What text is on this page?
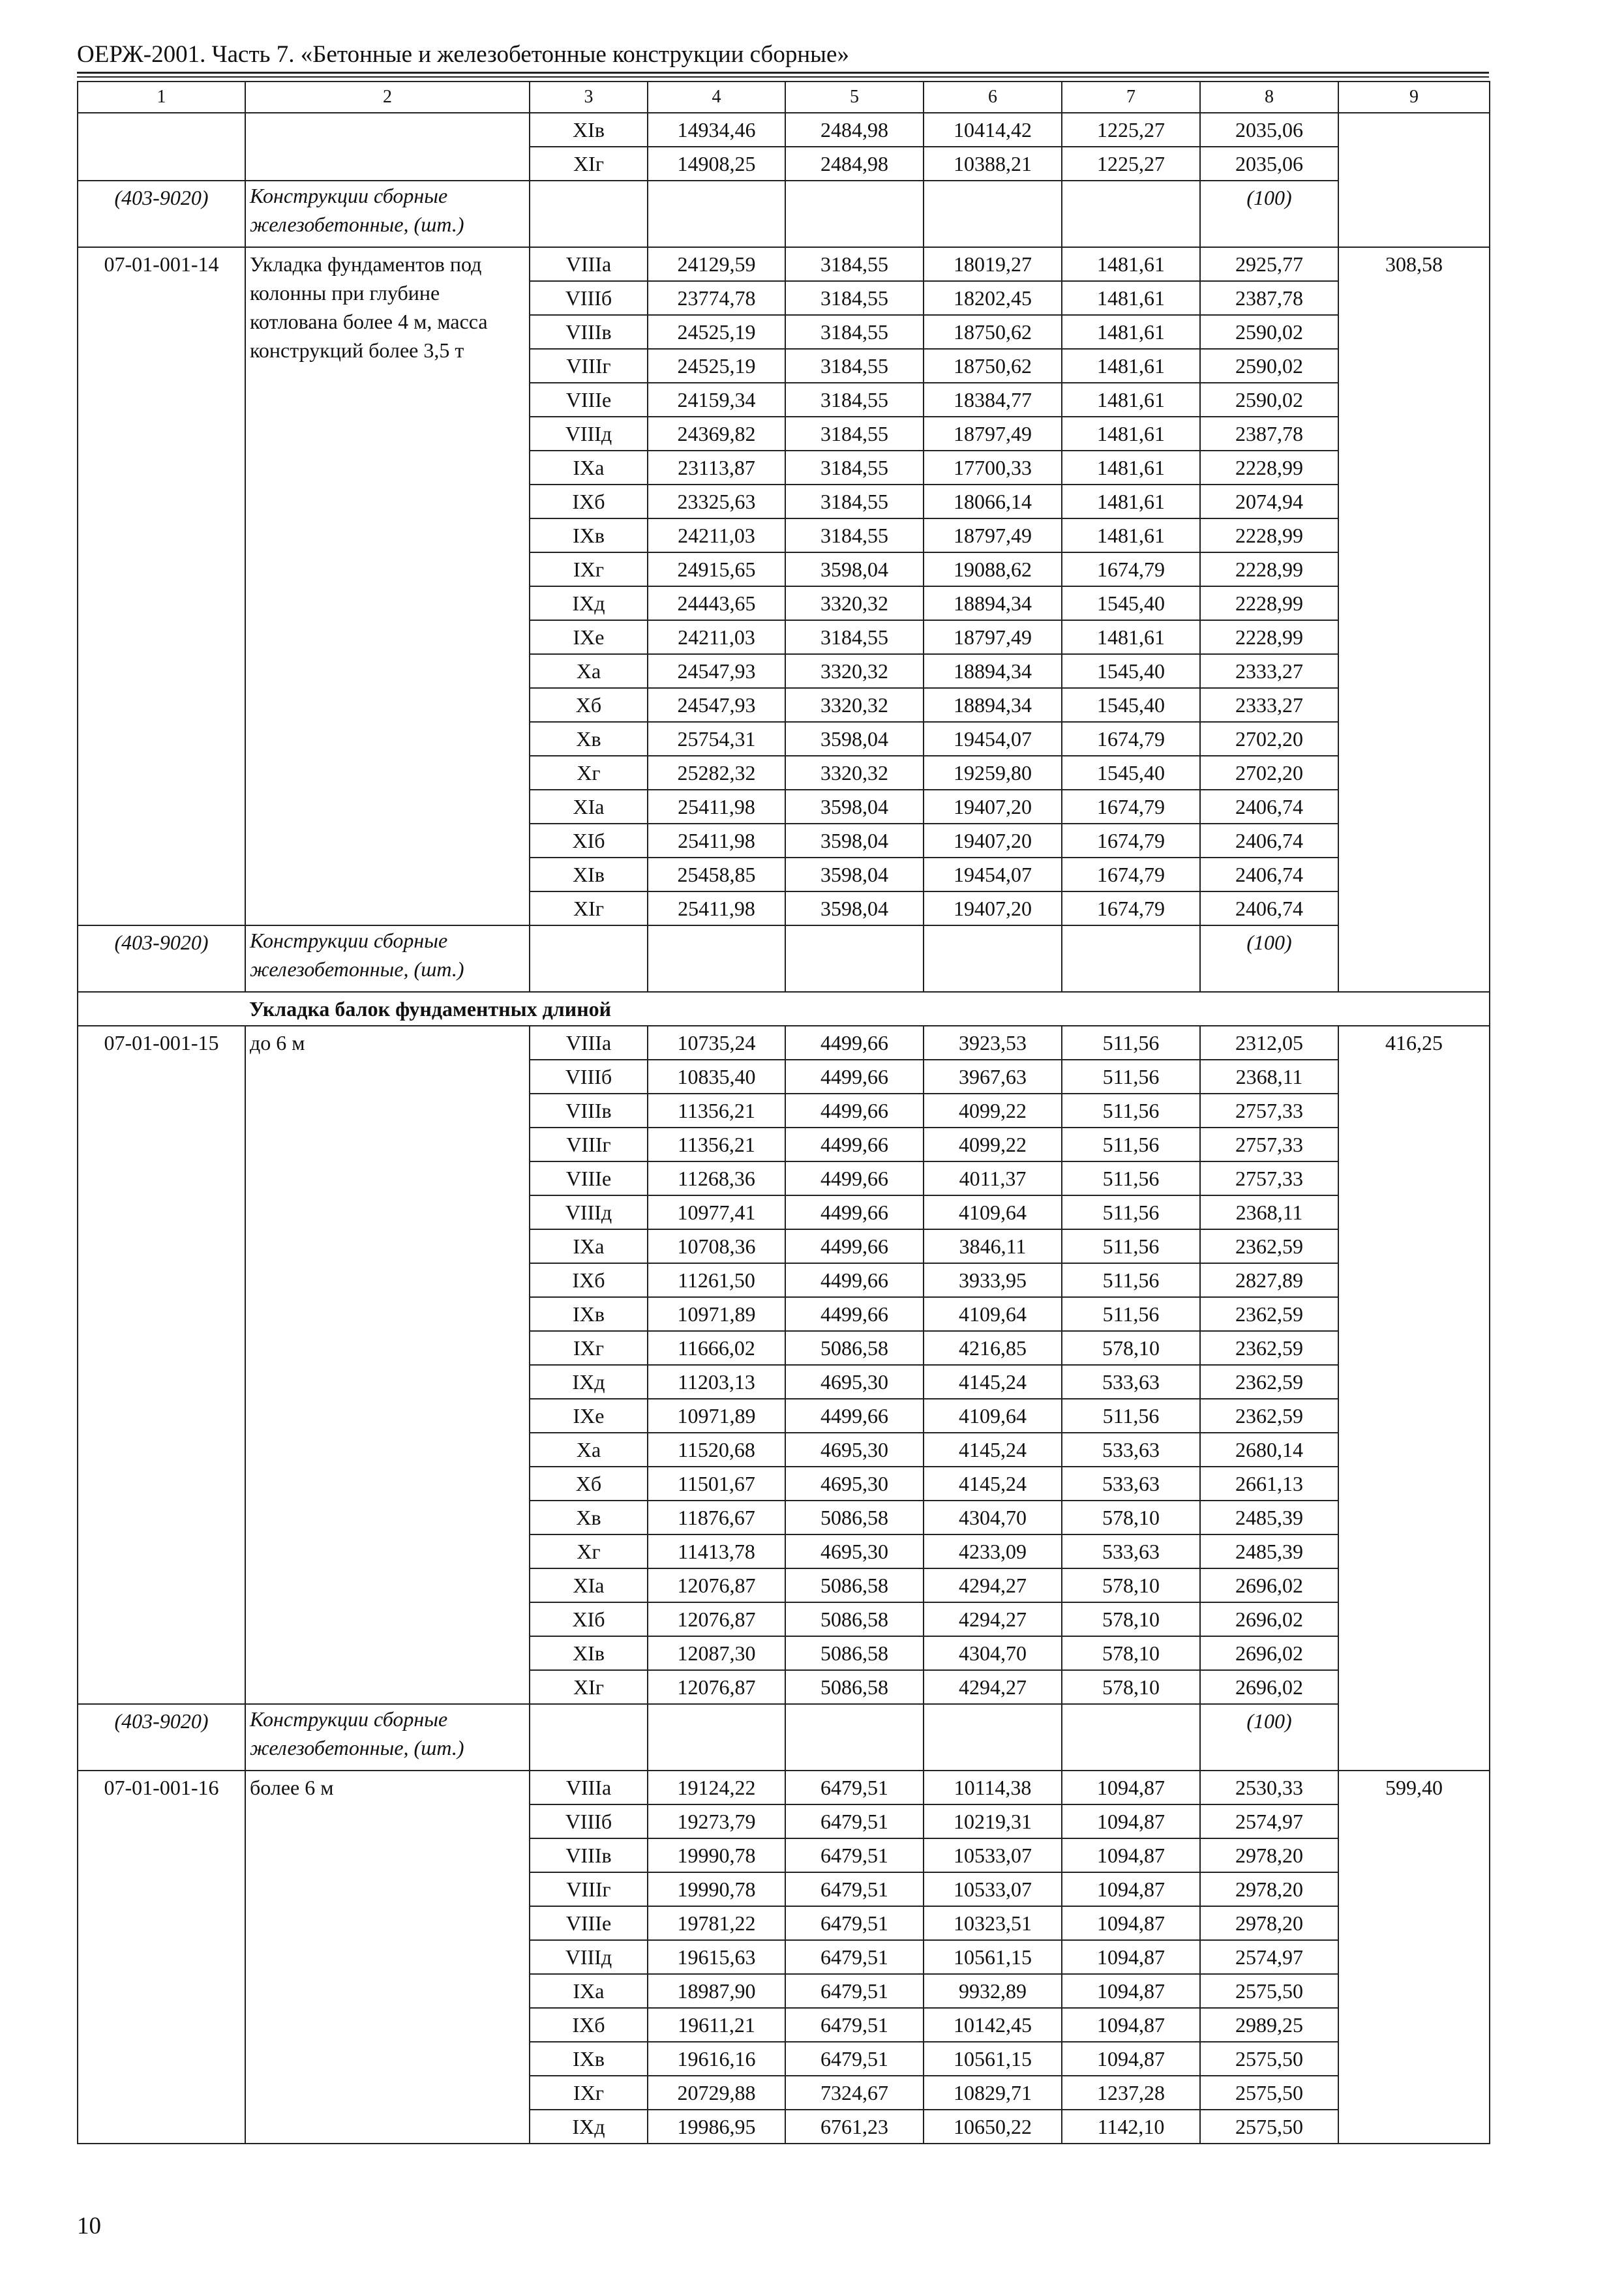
ОЕРЖ-2001. Часть 7. «Бетонные и железобетонные конструкции сборные»
1	2	3	4	5	6	7	8	9
		XIв	14934,46	2484,98	10414,42	1225,27	2035,06	
		XIг	14908,25	2484,98	10388,21	1225,27	2035,06	
(403-9020)	Конструкции сборные железобетонные, (шт.)						(100)	
07-01-001-14	Укладка фундаментов под колонны при глубине котлована более 4 м, масса конструкций более 3,5 т	VIIIа	24129,59	3184,55	18019,27	1481,61	2925,77	308,58
		VIIIб	23774,78	3184,55	18202,45	1481,61	2387,78	
		VIIIв	24525,19	3184,55	18750,62	1481,61	2590,02	
		VIIIг	24525,19	3184,55	18750,62	1481,61	2590,02	
		VIIIе	24159,34	3184,55	18384,77	1481,61	2590,02	
		VIIIд	24369,82	3184,55	18797,49	1481,61	2387,78	
		IXа	23113,87	3184,55	17700,33	1481,61	2228,99	
		IXб	23325,63	3184,55	18066,14	1481,61	2074,94	
		IXв	24211,03	3184,55	18797,49	1481,61	2228,99	
		IXг	24915,65	3598,04	19088,62	1674,79	2228,99	
		IXд	24443,65	3320,32	18894,34	1545,40	2228,99	
		IXе	24211,03	3184,55	18797,49	1481,61	2228,99	
		Xа	24547,93	3320,32	18894,34	1545,40	2333,27	
		Xб	24547,93	3320,32	18894,34	1545,40	2333,27	
		Xв	25754,31	3598,04	19454,07	1674,79	2702,20	
		Xг	25282,32	3320,32	19259,80	1545,40	2702,20	
		XIа	25411,98	3598,04	19407,20	1674,79	2406,74	
		XIб	25411,98	3598,04	19407,20	1674,79	2406,74	
		XIв	25458,85	3598,04	19454,07	1674,79	2406,74	
		XIг	25411,98	3598,04	19407,20	1674,79	2406,74	
(403-9020)	Конструкции сборные железобетонные, (шт.)						(100)	
	Укладка балок фундаментных длиной							
07-01-001-15	до 6 м	VIIIа	10735,24	4499,66	3923,53	511,56	2312,05	416,25
		VIIIб	10835,40	4499,66	3967,63	511,56	2368,11	
		VIIIв	11356,21	4499,66	4099,22	511,56	2757,33	
		VIIIг	11356,21	4499,66	4099,22	511,56	2757,33	
		VIIIе	11268,36	4499,66	4011,37	511,56	2757,33	
		VIIIд	10977,41	4499,66	4109,64	511,56	2368,11	
		IXа	10708,36	4499,66	3846,11	511,56	2362,59	
		IXб	11261,50	4499,66	3933,95	511,56	2827,89	
		IXв	10971,89	4499,66	4109,64	511,56	2362,59	
		IXг	11666,02	5086,58	4216,85	578,10	2362,59	
		IXд	11203,13	4695,30	4145,24	533,63	2362,59	
		IXе	10971,89	4499,66	4109,64	511,56	2362,59	
		Xа	11520,68	4695,30	4145,24	533,63	2680,14	
		Xб	11501,67	4695,30	4145,24	533,63	2661,13	
		Xв	11876,67	5086,58	4304,70	578,10	2485,39	
		Xг	11413,78	4695,30	4233,09	533,63	2485,39	
		XIа	12076,87	5086,58	4294,27	578,10	2696,02	
		XIб	12076,87	5086,58	4294,27	578,10	2696,02	
		XIв	12087,30	5086,58	4304,70	578,10	2696,02	
		XIг	12076,87	5086,58	4294,27	578,10	2696,02	
(403-9020)	Конструкции сборные железобетонные, (шт.)						(100)	
07-01-001-16	более 6 м	VIIIа	19124,22	6479,51	10114,38	1094,87	2530,33	599,40
		VIIIб	19273,79	6479,51	10219,31	1094,87	2574,97	
		VIIIв	19990,78	6479,51	10533,07	1094,87	2978,20	
		VIIIг	19990,78	6479,51	10533,07	1094,87	2978,20	
		VIIIе	19781,22	6479,51	10323,51	1094,87	2978,20	
		VIIIд	19615,63	6479,51	10561,15	1094,87	2574,97	
		IXа	18987,90	6479,51	9932,89	1094,87	2575,50	
		IXб	19611,21	6479,51	10142,45	1094,87	2989,25	
		IXв	19616,16	6479,51	10561,15	1094,87	2575,50	
		IXг	20729,88	7324,67	10829,71	1237,28	2575,50	
		IXд	19986,95	6761,23	10650,22	1142,10	2575,50	
10
